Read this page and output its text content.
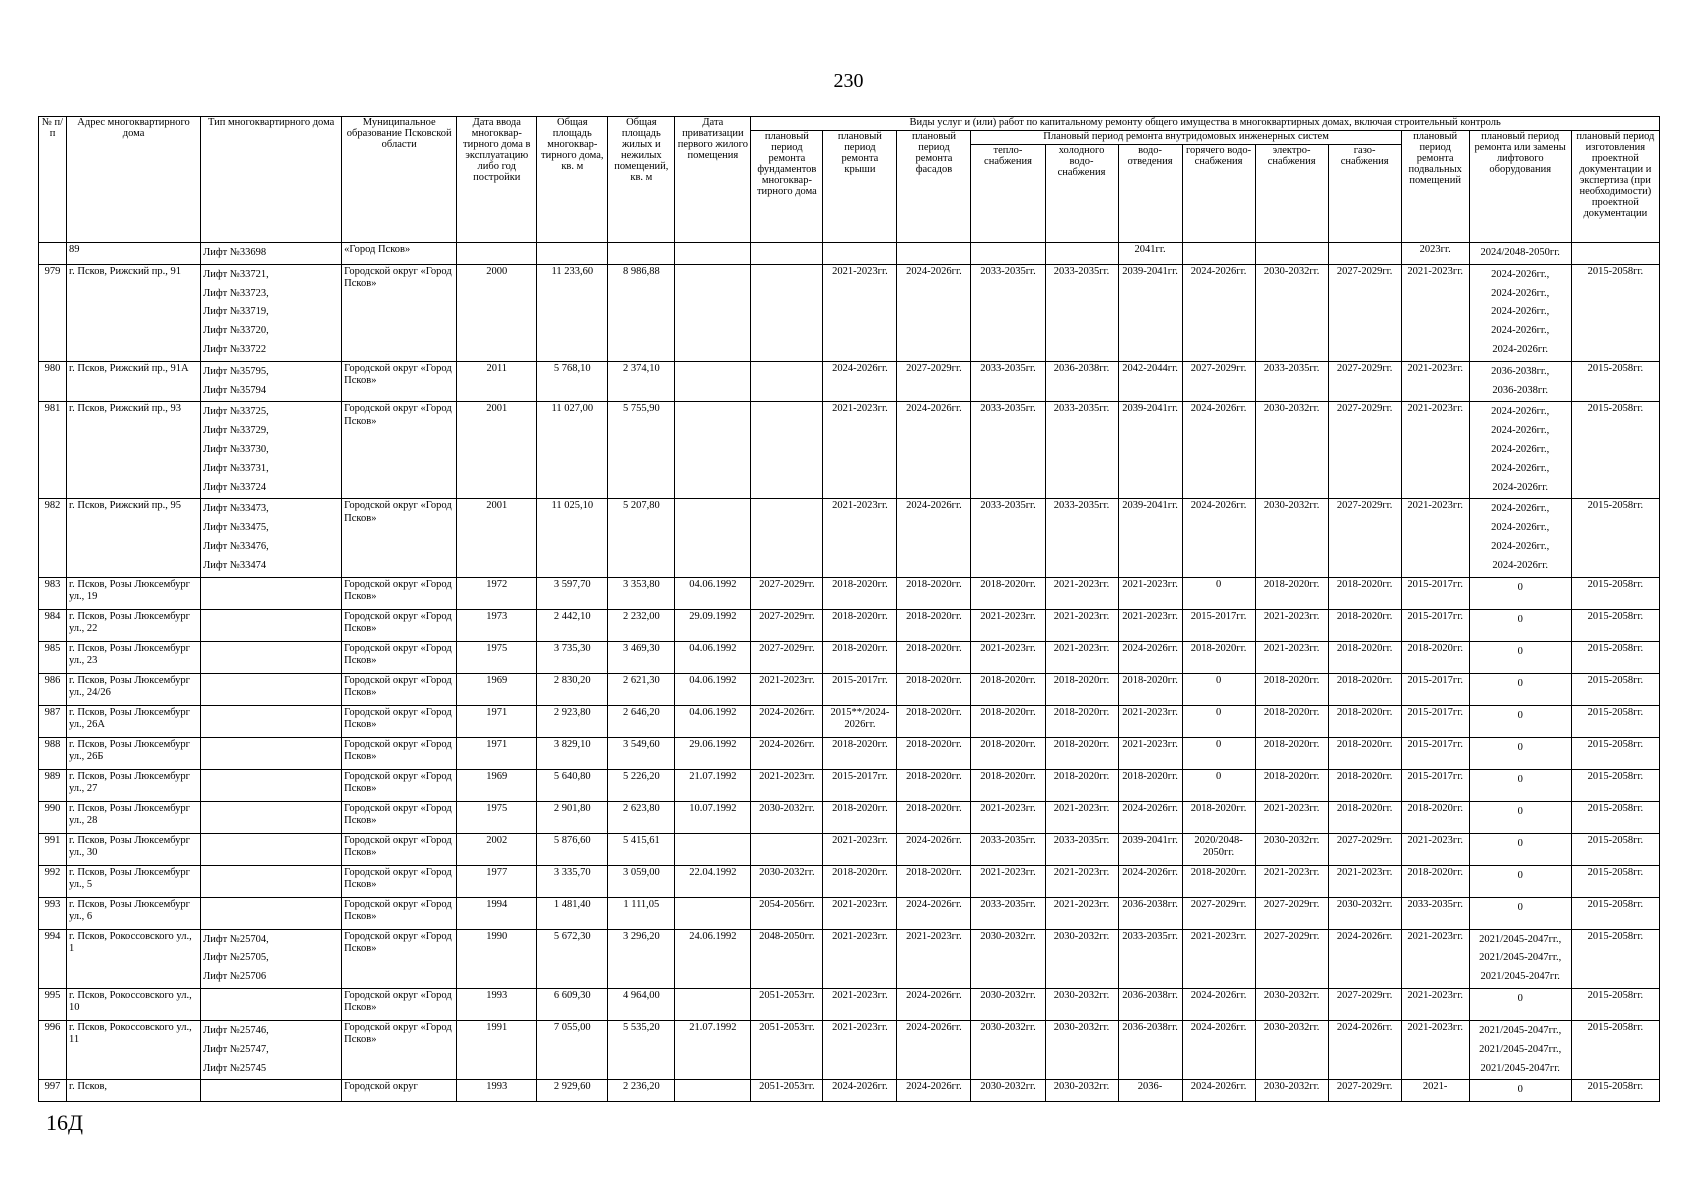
230
№ п/п	Адрес многоквартирного дома	Тип многоквартирного дома	Муниципальное образование Псковской области	Дата ввода многоквар-тирного дома в эксплуатацию либо год постройки	Общая площадь многоквар-тирного дома, кв. м	Общая площадь жилых и нежилых помещений, кв. м	Дата приватизации первого жилого помещения	Виды услуг и (или) работ по капитальному ремонту общего имущества в многоквартирных домах, включая строительный контроль											
								плановый период ремонта фундаментов многоквар-тирного дома	плановый период ремонта крыши	плановый период ремонта фасадов	Плановый период ремонта внутридомовых инженерных систем						плановый период ремонта подвальных помещений	плановый период ремонта или замены лифтового оборудования	плановый период изготовления проектной документации и экспертиза (при необходимости) проектной документации
											тепло-снабжения	холодного водо-снабжения	водо-отведения	горячего водо-снабжения	электро-снабжения	газо-снабжения			
	89	Лифт №33698	«Город Псков»										2041гг.				2023гг.	2024/2048-2050гг.	

979	г. Псков, Рижский пр., 91	Лифт №33721,
Лифт №33723,
Лифт №33719,
Лифт №33720,
Лифт №33722	Городской округ «Город Псков»	2000	11 233,60	8 986,88			2021-2023гг.	2024-2026гг.	2033-2035гг.	2033-2035гг.	2039-2041гг.	2024-2026гг.	2030-2032гг.	2027-2029гг.	2021-2023гг.	2024-2026гг.,
2024-2026гг.,
2024-2026гг.,
2024-2026гг.,
2024-2026гг.	2015-2058гг.
980	г. Псков, Рижский пр., 91А	Лифт №35795,
Лифт №35794	Городской округ «Город Псков»	2011	5 768,10	2 374,10			2024-2026гг.	2027-2029гг.	2033-2035гг.	2036-2038гг.	2042-2044гг.	2027-2029гг.	2033-2035гг.	2027-2029гг.	2021-2023гг.	2036-2038гг.,
2036-2038гг.	2015-2058гг.
981	г. Псков, Рижский пр., 93	Лифт №33725,
Лифт №33729,
Лифт №33730,
Лифт №33731,
Лифт №33724	Городской округ «Город Псков»	2001	11 027,00	5 755,90			2021-2023гг.	2024-2026гг.	2033-2035гг.	2033-2035гг.	2039-2041гг.	2024-2026гг.	2030-2032гг.	2027-2029гг.	2021-2023гг.	2024-2026гг.,
2024-2026гг.,
2024-2026гг.,
2024-2026гг.,
2024-2026гг.	2015-2058гг.
982	г. Псков, Рижский пр., 95	Лифт №33473,
Лифт №33475,
Лифт №33476,
Лифт №33474	Городской округ «Город Псков»	2001	11 025,10	5 207,80			2021-2023гг.	2024-2026гг.	2033-2035гг.	2033-2035гг.	2039-2041гг.	2024-2026гг.	2030-2032гг.	2027-2029гг.	2021-2023гг.	2024-2026гг.,
2024-2026гг.,
2024-2026гг.,
2024-2026гг.	2015-2058гг.
983	г. Псков, Розы Люксембург ул., 19		Городской округ «Город Псков»	1972	3 597,70	3 353,80	04.06.1992	2027-2029гг.	2018-2020гг.	2018-2020гг.	2018-2020гг.	2021-2023гг.	2021-2023гг.	0	2018-2020гг.	2018-2020гг.	2015-2017гг.	0	2015-2058гг.
984	г. Псков, Розы Люксембург ул., 22		Городской округ «Город Псков»	1973	2 442,10	2 232,00	29.09.1992	2027-2029гг.	2018-2020гг.	2018-2020гг.	2021-2023гг.	2021-2023гг.	2021-2023гг.	2015-2017гг.	2021-2023гг.	2018-2020гг.	2015-2017гг.	0	2015-2058гг.
985	г. Псков, Розы Люксембург ул., 23		Городской округ «Город Псков»	1975	3 735,30	3 469,30	04.06.1992	2027-2029гг.	2018-2020гг.	2018-2020гг.	2021-2023гг.	2021-2023гг.	2024-2026гг.	2018-2020гг.	2021-2023гг.	2018-2020гг.	2018-2020гг.	0	2015-2058гг.
986	г. Псков, Розы Люксембург ул., 24/26		Городской округ «Город Псков»	1969	2 830,20	2 621,30	04.06.1992	2021-2023гг.	2015-2017гг.	2018-2020гг.	2018-2020гг.	2018-2020гг.	2018-2020гг.	0	2018-2020гг.	2018-2020гг.	2015-2017гг.	0	2015-2058гг.
987	г. Псков, Розы Люксембург ул., 26А		Городской округ «Город Псков»	1971	2 923,80	2 646,20	04.06.1992	2024-2026гг.	2015**/2024-2026гг.	2018-2020гг.	2018-2020гг.	2018-2020гг.	2021-2023гг.	0	2018-2020гг.	2018-2020гг.	2015-2017гг.	0	2015-2058гг.
988	г. Псков, Розы Люксембург ул., 26Б		Городской округ «Город Псков»	1971	3 829,10	3 549,60	29.06.1992	2024-2026гг.	2018-2020гг.	2018-2020гг.	2018-2020гг.	2018-2020гг.	2021-2023гг.	0	2018-2020гг.	2018-2020гг.	2015-2017гг.	0	2015-2058гг.
989	г. Псков, Розы Люксембург ул., 27		Городской округ «Город Псков»	1969	5 640,80	5 226,20	21.07.1992	2021-2023гг.	2015-2017гг.	2018-2020гг.	2018-2020гг.	2018-2020гг.	2018-2020гг.	0	2018-2020гг.	2018-2020гг.	2015-2017гг.	0	2015-2058гг.
990	г. Псков, Розы Люксембург ул., 28		Городской округ «Город Псков»	1975	2 901,80	2 623,80	10.07.1992	2030-2032гг.	2018-2020гг.	2018-2020гг.	2021-2023гг.	2021-2023гг.	2024-2026гг.	2018-2020гг.	2021-2023гг.	2018-2020гг.	2018-2020гг.	0	2015-2058гг.
991	г. Псков, Розы Люксембург ул., 30		Городской округ «Город Псков»	2002	5 876,60	5 415,61			2021-2023гг.	2024-2026гг.	2033-2035гг.	2033-2035гг.	2039-2041гг.	2020/2048-2050гг.	2030-2032гг.	2027-2029гг.	2021-2023гг.	0	2015-2058гг.
992	г. Псков, Розы Люксембург ул., 5		Городской округ «Город Псков»	1977	3 335,70	3 059,00	22.04.1992	2030-2032гг.	2018-2020гг.	2018-2020гг.	2021-2023гг.	2021-2023гг.	2024-2026гг.	2018-2020гг.	2021-2023гг.	2021-2023гг.	2018-2020гг.	0	2015-2058гг.
993	г. Псков, Розы Люксембург ул., 6		Городской округ «Город Псков»	1994	1 481,40	1 111,05		2054-2056гг.	2021-2023гг.	2024-2026гг.	2033-2035гг.	2021-2023гг.	2036-2038гг.	2027-2029гг.	2027-2029гг.	2030-2032гг.	2033-2035гг.	0	2015-2058гг.
994	г. Псков, Рокоссовского ул., 1	Лифт №25704,
Лифт №25705,
Лифт №25706	Городской округ «Город Псков»	1990	5 672,30	3 296,20	24.06.1992	2048-2050гг.	2021-2023гг.	2021-2023гг.	2030-2032гг.	2030-2032гг.	2033-2035гг.	2021-2023гг.	2027-2029гг.	2024-2026гг.	2021-2023гг.	2021/2045-2047гг.,
2021/2045-2047гг.,
2021/2045-2047гг.	2015-2058гг.
995	г. Псков, Рокоссовского ул., 10		Городской округ «Город Псков»	1993	6 609,30	4 964,00		2051-2053гг.	2021-2023гг.	2024-2026гг.	2030-2032гг.	2030-2032гг.	2036-2038гг.	2024-2026гг.	2030-2032гг.	2027-2029гг.	2021-2023гг.	0	2015-2058гг.
996	г. Псков, Рокоссовского ул., 11	Лифт №25746,
Лифт №25747,
Лифт №25745	Городской округ «Город Псков»	1991	7 055,00	5 535,20	21.07.1992	2051-2053гг.	2021-2023гг.	2024-2026гг.	2030-2032гг.	2030-2032гг.	2036-2038гг.	2024-2026гг.	2030-2032гг.	2024-2026гг.	2021-2023гг.	2021/2045-2047гг.,
2021/2045-2047гг.,
2021/2045-2047гг.	2015-2058гг.
997	г. Псков,		Городской округ	1993	2 929,60	2 236,20		2051-2053гг.	2024-2026гг.	2024-2026гг.	2030-2032гг.	2030-2032гг.	2036-	2024-2026гг.	2030-2032гг.	2027-2029гг.	2021-	0	2015-2058гг.
16Д
